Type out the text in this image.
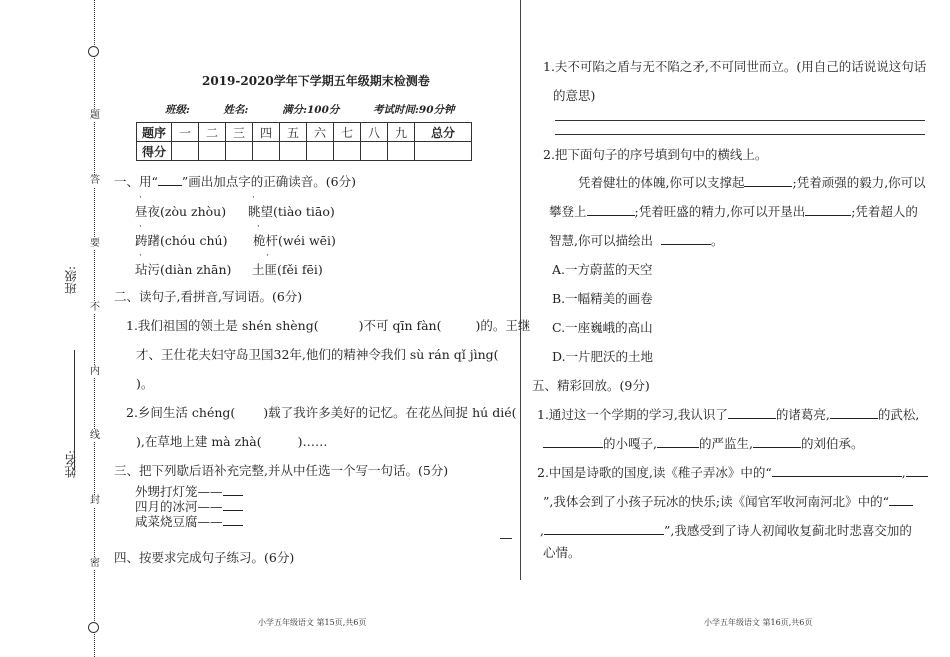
题
答
要
不
内
线
封
密
班级:
姓名:
2019-2020学年下学期五年级期末检测卷
班级:	姓名:	满分:100分	考试时间:90分钟
题序	一	二	三	四	五	六	七	八	九	总分
得分										
一、用“ ”画出加点字的正确读音。(6分)
·
昼夜(zòu zhòu)
·
眺望(tiào tiāo)
·
踌躇(chóu chú)
·
桅杆(wéi wēi)
·
玷污(diàn zhān)
·
土匪(fěi fēi)
二、读句子,看拼音,写词语。(6分)
1.我们祖国的领土是 shén shèng(	)不可 qīn fàn(	)的。王继
才、王仕花夫妇守岛卫国32年,他们的精神令我们 sù rán qǐ jìng(
)。
2.乡间生活 chéng( )载了我许多美好的记忆。在花丛间捉 hú dié(
),在草地上建 mà zhà(	)……
三、把下列歇后语补充完整,并从中任选一个写一句话。(5分)
外甥打灯笼——
四月的冰河——
咸菜烧豆腐——
四、按要求完成句子练习。(6分)
小学五年级语文 第15页,共6页
1.夫不可陷之盾与无不陷之矛,不可同世而立。(用自己的话说说这句话
的意思)
2.把下面句子的序号填到句中的横线上。
凭着健壮的体魄,你可以支撑起	;凭着顽强的毅力,你可以
攀登上	;凭着旺盛的精力,你可以开垦出	;凭着超人的
智慧,你可以描绘出	。
A.一方蔚蓝的天空
B.一幅精美的画卷
C.一座巍峨的高山
D.一片肥沃的土地
五、精彩回放。(9分)
1.通过这一个学期的学习,我认识了	的诸葛亮,	的武松,
的小嘎子,	的严监生,	的刘伯承。
2.中国是诗歌的国度,读《稚子弄冰》中的“	,
”,我体会到了小孩子玩冰的快乐;读《闻官军收河南河北》中的“
,	”,我感受到了诗人初闻收复蓟北时悲喜交加的
心情。
小学五年级语文 第16页,共6页
